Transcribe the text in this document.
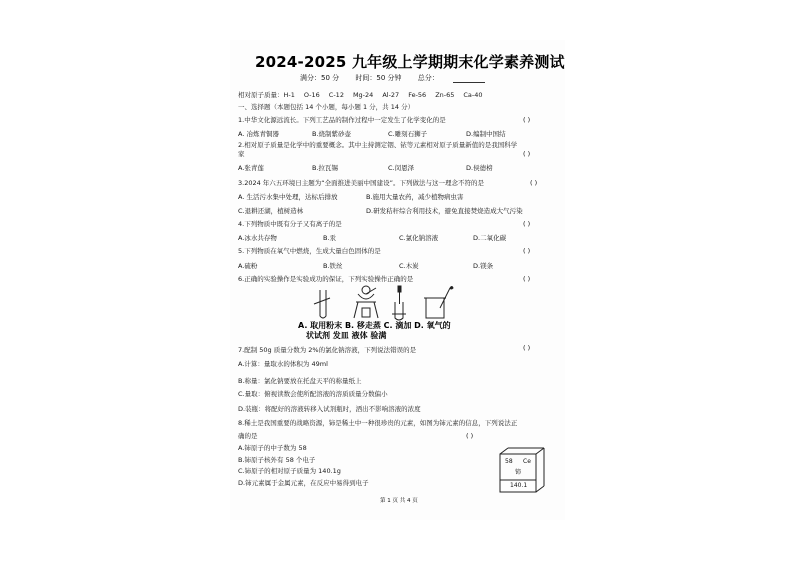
2024-2025 九年级上学期期末化学素养测试
满分：50 分 时间：50 分钟 总分：
相对原子质量：H-1 O-16 C-12 Mg-24 Al-27 Fe-56 Zn-65 Ca-40
一、选择题（本题包括 14 个小题，每小题 1 分，共 14 分）
1.中华文化源远流长。下列工艺品的制作过程中一定发生了化学变化的是	( )
A. 冶炼青铜器	B.烧制紫砂壶	C.雕刻石狮子	D.编制中国结
2.相对原子质量是化学中的重要概念。其中主持测定铟、铱等元素相对原子质量新值的是我国科学
家	( )
A.张青莲	B.拉瓦锡	C.闵恩泽	D.侯德榜
3.2024 年六五环境日主题为“全面推进美丽中国建设”。下列做法与这一理念不符的是	( )
A. 生活污水集中处理，达标后排放	B.施用大量农药，减少植物病虫害
C.退耕还湖，植树造林	D.研发秸秆综合利用技术，避免直接焚烧造成大气污染
4.下列物质中既有分子又有离子的是	( )
A.冰水共存物	B.汞	C.氯化钠溶液	D.二氧化碳
5.下列物质在氧气中燃烧，生成大量白色固体的是	( )
A.硫粉	B.铁丝	C.木炭	D.镁条
6.正确的实验操作是实验成功的保证，下列实验操作正确的是	( )
A. 取用粉末 B. 移走蒸 C. 滴加 D. 氧气的
状试剂 发皿 液体 验满
7.配制 50g 质量分数为 2%的氯化钠溶液，下列说法错误的是	( )
A.计算：量取水的体积为 49ml
B.称量：氯化钠要放在托盘天平的称量纸上
C.量取：俯视读数会使所配溶液的溶质质量分数偏小
D.装瓶：将配好的溶液转移入试剂瓶时，洒出不影响溶液的浓度
8.稀土是我国重要的战略资源，铈是稀土中一种很珍贵的元素，如图为铈元素的信息，下列说法正
确的是	( )
A.铈原子的中子数为 58
B.铈原子核外有 58 个电子
C.铈原子的相对原子质量为 140.1g
D.铈元素属于金属元素，在反应中易得到电子
58 Ce
铈
140.1
第 1 页 共 4 页
